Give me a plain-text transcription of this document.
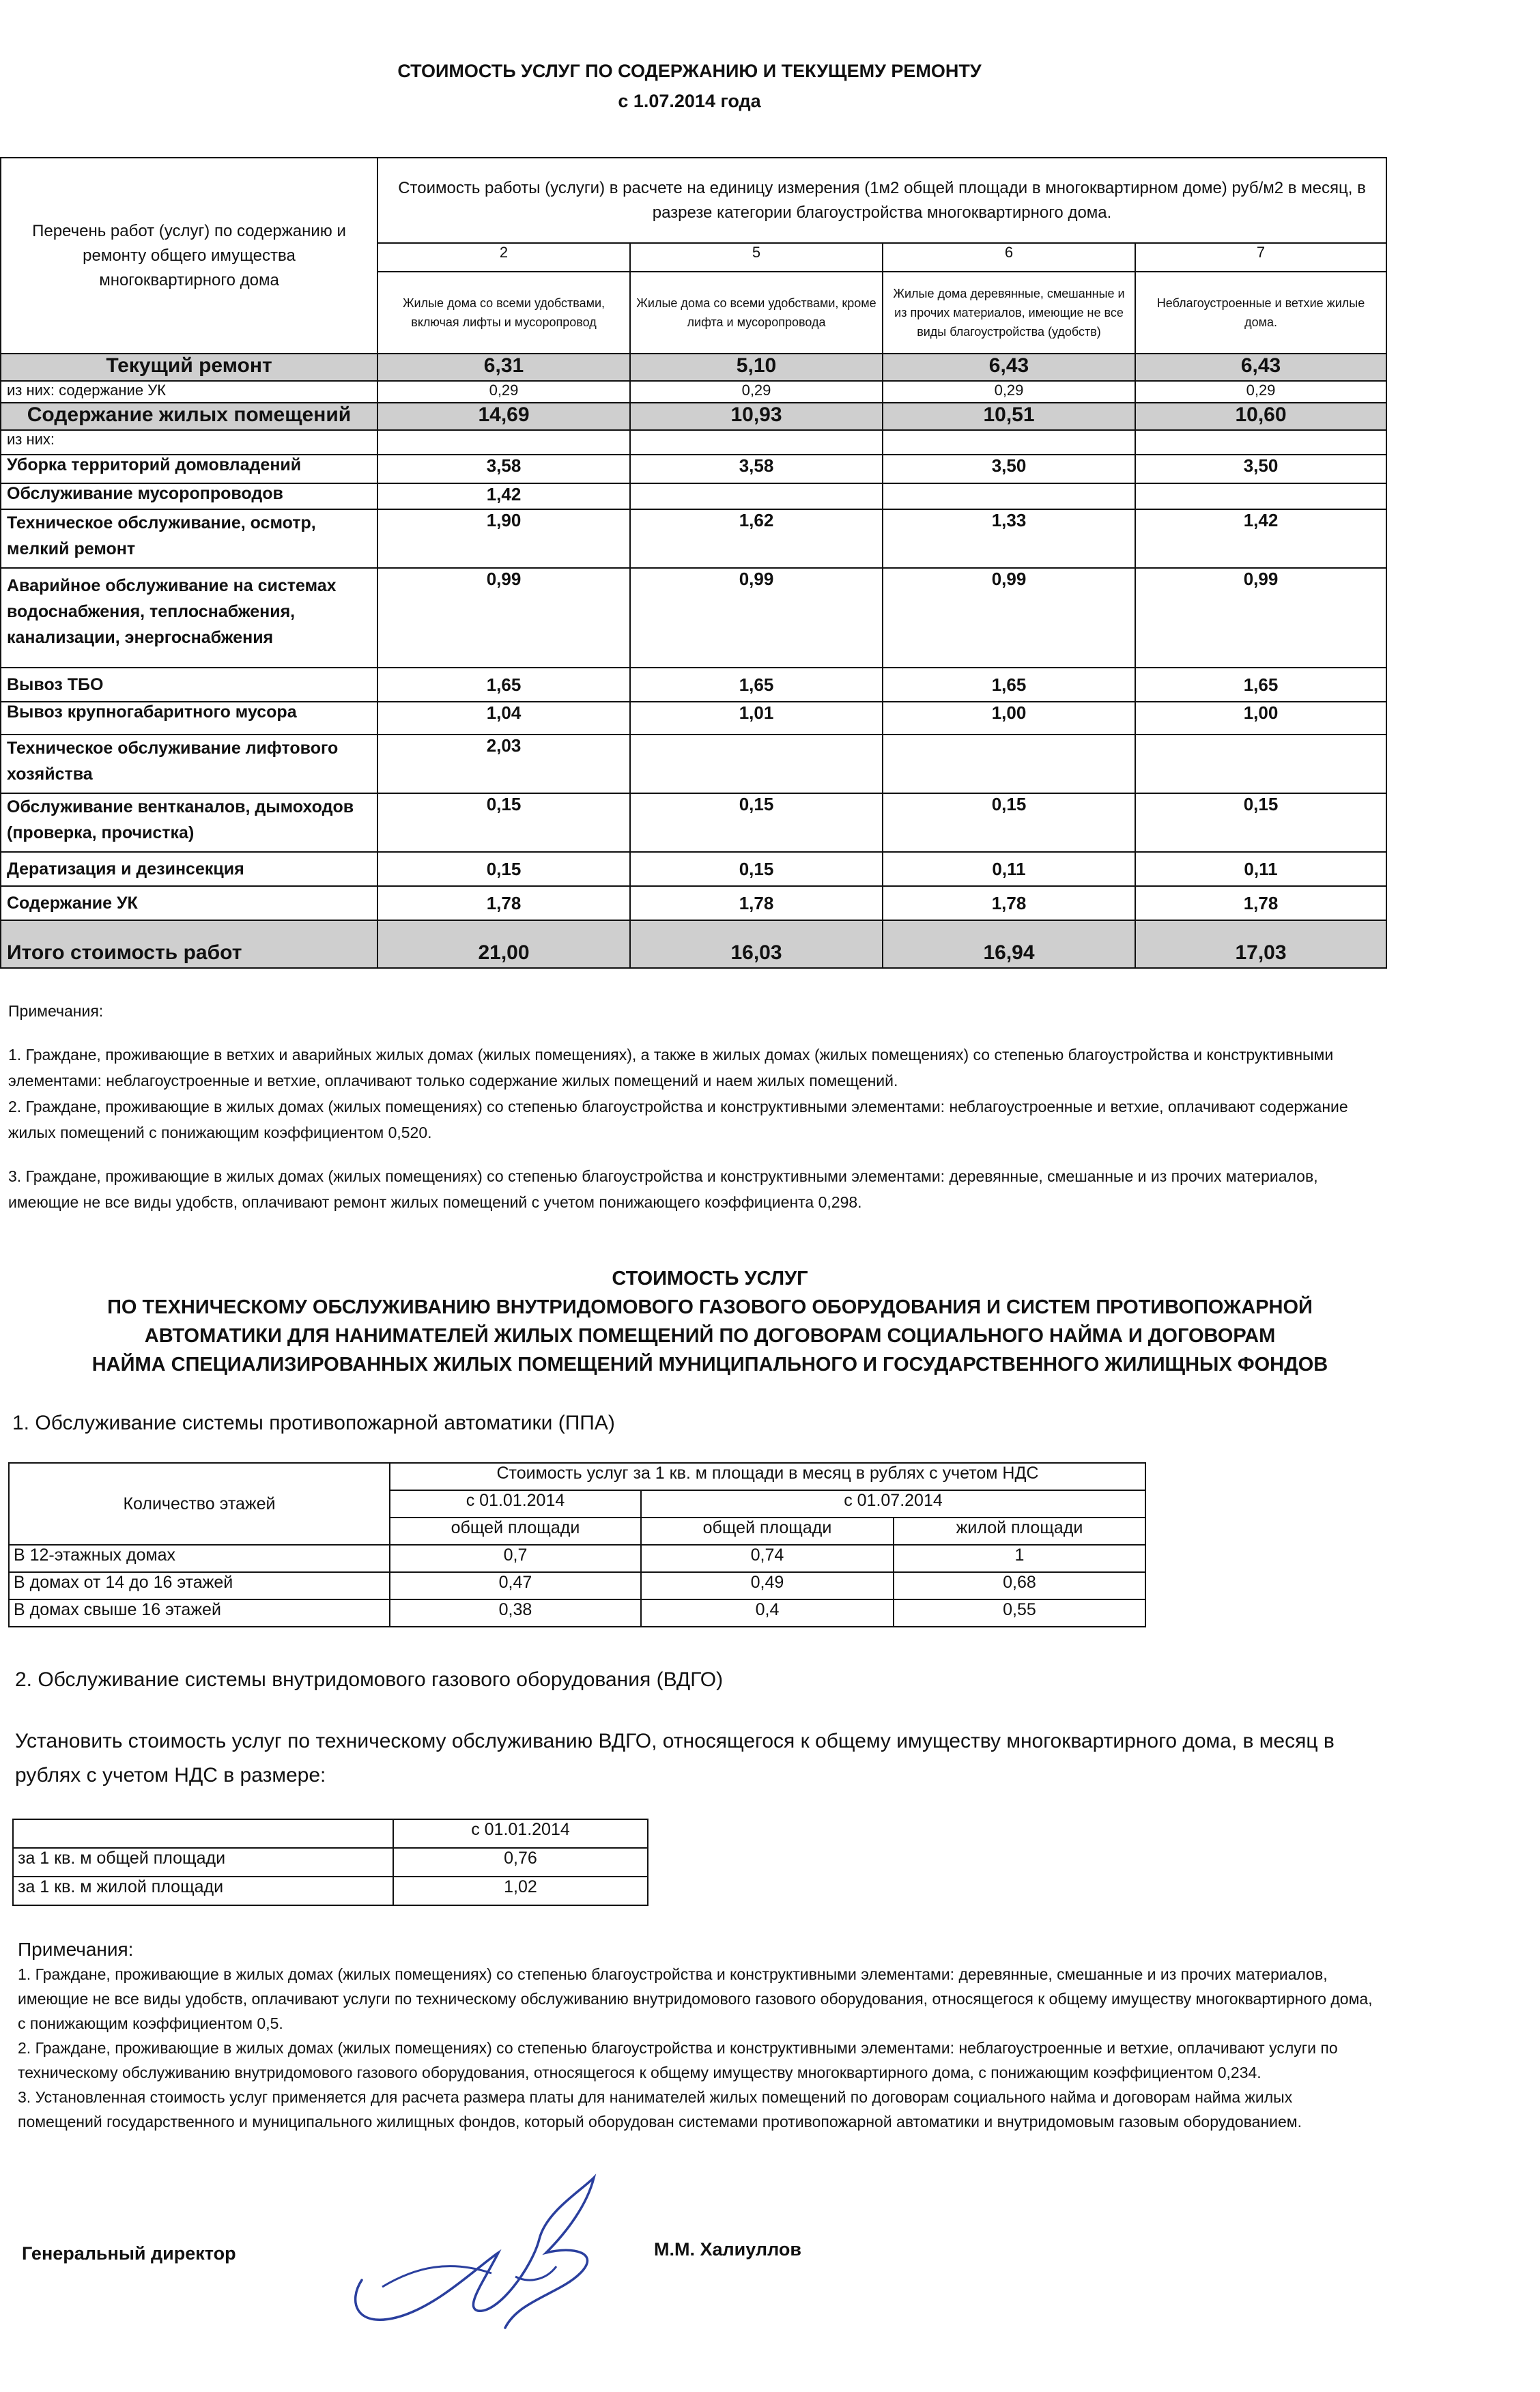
СТОИМОСТЬ УСЛУГ ПО СОДЕРЖАНИЮ И ТЕКУЩЕМУ РЕМОНТУ
с 1.07.2014 года
Перечень работ (услуг) по содержанию и ремонту общего имущества многоквартирного дома	Стоимость работы (услуги) в расчете на единицу измерения (1м2 общей площади в многоквартирном доме) руб/м2 в месяц, в разрезе категории благоустройства многоквартирного дома.			
	2	5	6	7
	Жилые дома со всеми удобствами, включая лифты и мусоропровод	Жилые дома со всеми удобствами, кроме лифта и мусоропровода	Жилые дома деревянные, смешанные и из прочих материалов, имеющие не все виды благоустройства (удобств)	Неблагоустроенные и ветхие жилые дома.
Текущий ремонт	6,31	5,10	6,43	6,43
из них: содержание УК	0,29	0,29	0,29	0,29
Содержание жилых помещений	14,69	10,93	10,51	10,60
из них:				
Уборка территорий домовладений	3,58	3,58	3,50	3,50
Обслуживание мусоропроводов	1,42			
Техническое обслуживание, осмотр, мелкий ремонт	1,90	1,62	1,33	1,42
Аварийное обслуживание на системах водоснабжения, теплоснабжения, канализации, энергоснабжения	0,99	0,99	0,99	0,99
Вывоз ТБО	1,65	1,65	1,65	1,65
Вывоз крупногабаритного мусора	1,04	1,01	1,00	1,00
Техническое обслуживание лифтового хозяйства	2,03			
Обслуживание вентканалов, дымоходов (проверка, прочистка)	0,15	0,15	0,15	0,15
Дератизация и дезинсекция	0,15	0,15	0,11	0,11
Содержание УК	1,78	1,78	1,78	1,78
Итого стоимость работ	21,00	16,03	16,94	17,03
Примечания:
1. Граждане, проживающие в ветхих и аварийных жилых домах (жилых помещениях), а также в жилых домах (жилых помещениях) со степенью благоустройства и конструктивными элементами: неблагоустроенные и ветхие, оплачивают только содержание жилых помещений и наем жилых помещений.
2. Граждане, проживающие в жилых домах (жилых помещениях) со степенью благоустройства и конструктивными элементами: неблагоустроенные и ветхие, оплачивают содержание жилых помещений с понижающим коэффициентом 0,520.
3. Граждане, проживающие в жилых домах (жилых помещениях) со степенью благоустройства и конструктивными элементами: деревянные, смешанные и из прочих материалов, имеющие не все виды удобств, оплачивают ремонт жилых помещений с учетом понижающего коэффициента 0,298.
СТОИМОСТЬ УСЛУГ
ПО ТЕХНИЧЕСКОМУ ОБСЛУЖИВАНИЮ ВНУТРИДОМОВОГО ГАЗОВОГО ОБОРУДОВАНИЯ И СИСТЕМ ПРОТИВОПОЖАРНОЙ
АВТОМАТИКИ ДЛЯ НАНИМАТЕЛЕЙ ЖИЛЫХ ПОМЕЩЕНИЙ ПО ДОГОВОРАМ СОЦИАЛЬНОГО НАЙМА И ДОГОВОРАМ
НАЙМА СПЕЦИАЛИЗИРОВАННЫХ ЖИЛЫХ ПОМЕЩЕНИЙ МУНИЦИПАЛЬНОГО И ГОСУДАРСТВЕННОГО ЖИЛИЩНЫХ ФОНДОВ
1. Обслуживание системы противопожарной автоматики (ППА)
Количество этажей	Стоимость услуг за 1 кв. м площади в месяц в рублях с учетом НДС		
	с 01.01.2014	с 01.07.2014	
	общей площади	общей площади	жилой площади
В 12-этажных домах	0,7	0,74	1
В домах от 14 до 16 этажей	0,47	0,49	0,68
В домах свыше 16 этажей	0,38	0,4	0,55
2. Обслуживание системы внутридомового газового оборудования (ВДГО)
Установить стоимость услуг по техническому обслуживанию ВДГО, относящегося к общему имуществу многоквартирного дома, в месяц в рублях с учетом НДС в размере:
	с 01.01.2014
за 1 кв. м общей площади	0,76
за 1 кв. м жилой площади	1,02
Примечания:
1. Граждане, проживающие в жилых домах (жилых помещениях) со степенью благоустройства и конструктивными элементами: деревянные, смешанные и из прочих материалов, имеющие не все виды удобств, оплачивают услуги по техническому обслуживанию внутридомового газового оборудования, относящегося к общему имуществу многоквартирного дома, с понижающим коэффициентом 0,5.
2. Граждане, проживающие в жилых домах (жилых помещениях) со степенью благоустройства и конструктивными элементами: неблагоустроенные и ветхие, оплачивают услуги по техническому обслуживанию внутридомового газового оборудования, относящегося к общему имуществу многоквартирного дома, с понижающим коэффициентом 0,234.
3. Установленная стоимость услуг применяется для расчета размера платы для нанимателей жилых помещений по договорам социального найма и договорам найма жилых помещений государственного и муниципального жилищных фондов, который оборудован системами противопожарной автоматики и внутридомовым газовым оборудованием.
Генеральный директор	М.М. Халиуллов
